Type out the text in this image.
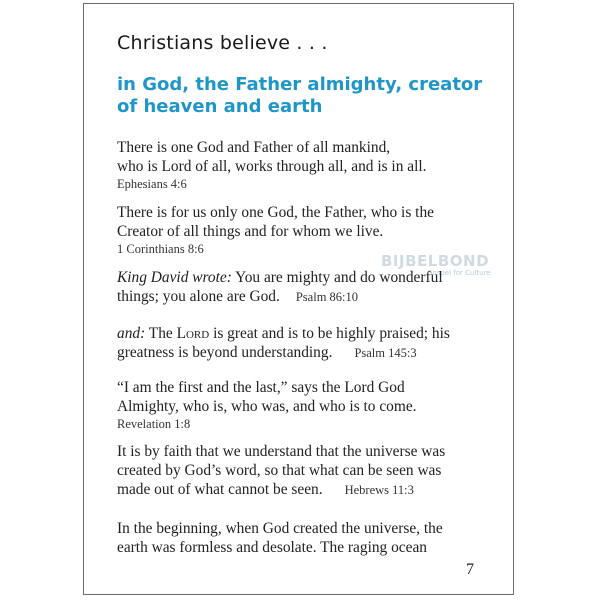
Christians believe . . .
in God, the Father almighty, creator
of heaven and earth
There is one God and Father of all mankind,
who is Lord of all, works through all, and is in all.
Ephesians 4:6
There is for us only one God, the Father, who is the
Creator of all things and for whom we live.
1 Corinthians 8:6
King David wrote: You are mighty and do wonderful
things; you alone are God. Psalm 86:10
and: The Lord is great and is to be highly praised; his
greatness is beyond understanding. Psalm 145:3
“I am the first and the last,” says the Lord God
Almighty, who is, who was, and who is to come.
Revelation 1:8
It is by faith that we understand that the universe was
created by God’s word, so that what can be seen was
made out of what cannot be seen. Hebrews 11:3
In the beginning, when God created the universe, the
earth was formless and desolate. The raging ocean
BIJBELBOND
Gospel for Culture
7
